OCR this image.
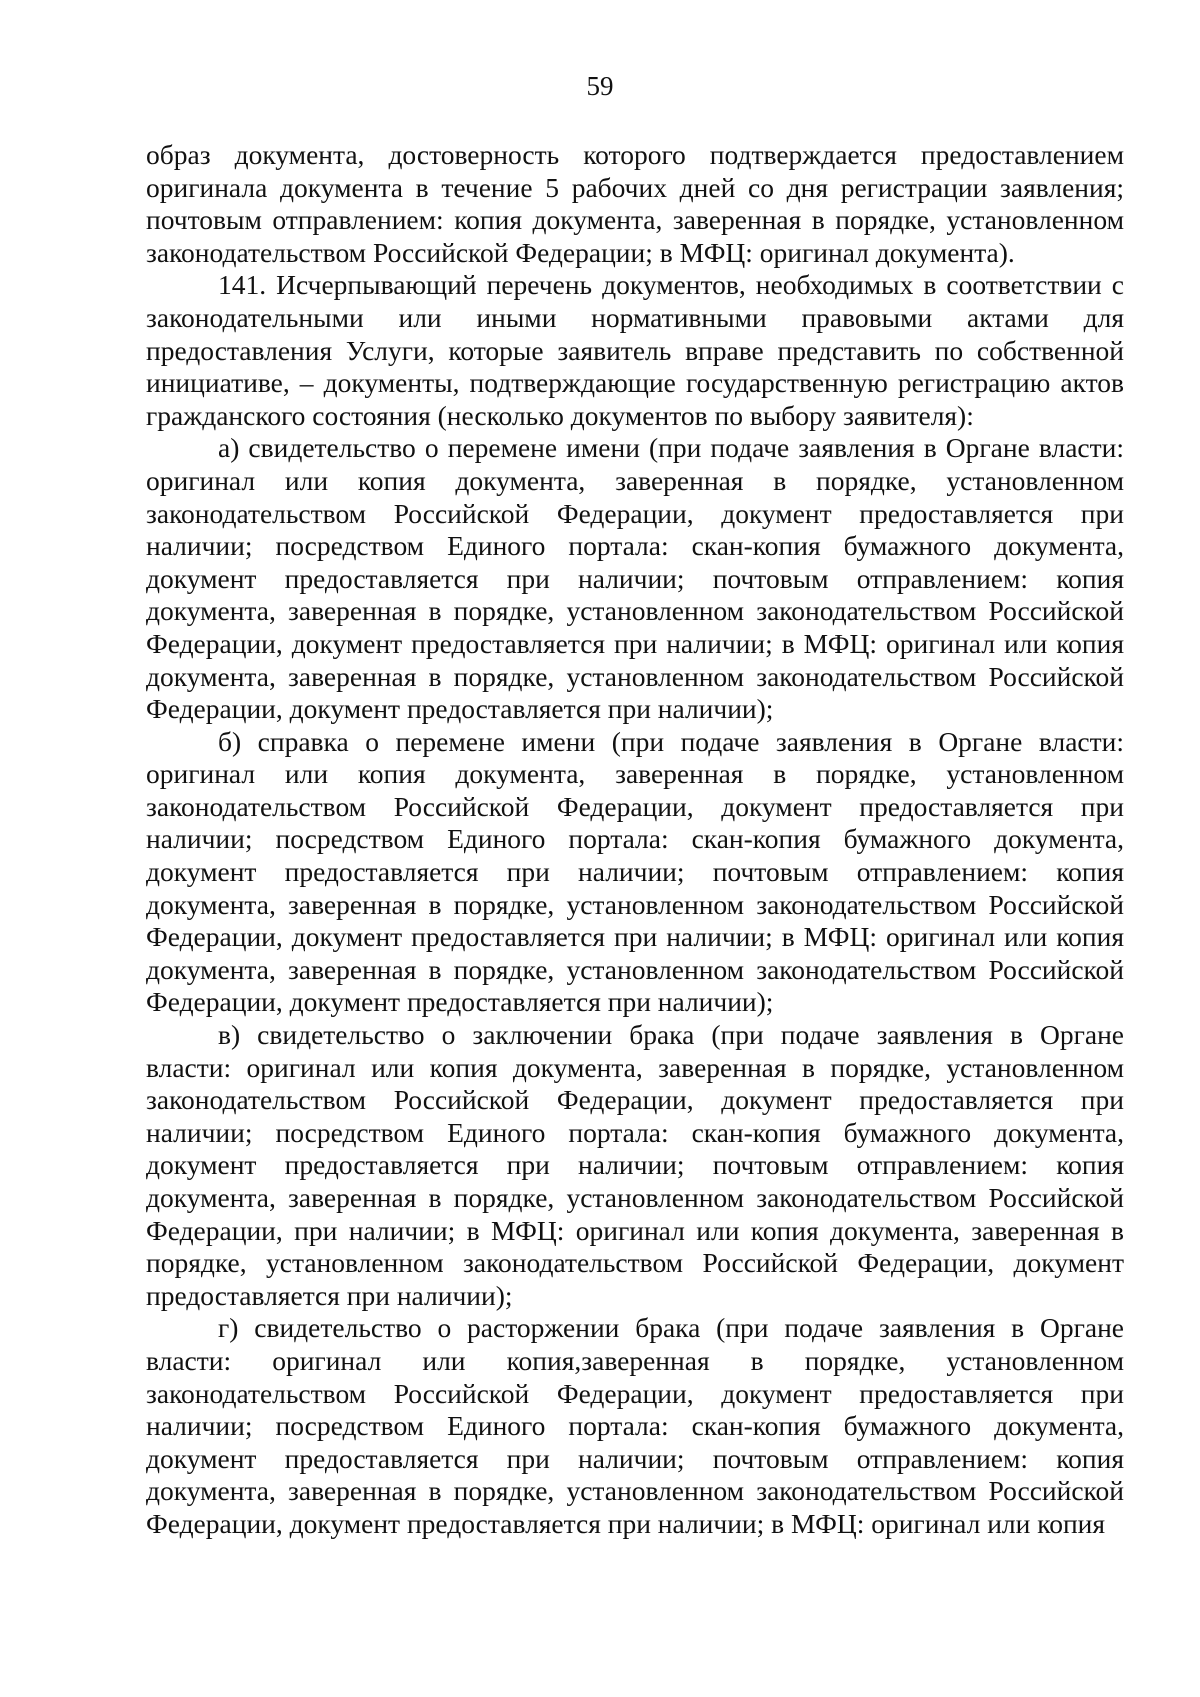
59

образ документа, достоверность которого подтверждается предоставлением оригинала документа в течение 5 рабочих дней со дня регистрации заявления; почтовым отправлением: копия документа, заверенная в порядке, установленном законодательством Российской Федерации; в МФЦ: оригинал документа).

141. Исчерпывающий перечень документов, необходимых в соответствии с законодательными или иными нормативными правовыми актами для предоставления Услуги, которые заявитель вправе представить по собственной инициативе, – документы, подтверждающие государственную регистрацию актов гражданского состояния (несколько документов по выбору заявителя):

а) свидетельство о перемене имени (при подаче заявления в Органе власти: оригинал или копия документа, заверенная в порядке, установленном законодательством Российской Федерации, документ предоставляется при наличии; посредством Единого портала: скан-копия бумажного документа, документ предоставляется при наличии; почтовым отправлением: копия документа, заверенная в порядке, установленном законодательством Российской Федерации, документ предоставляется при наличии; в МФЦ: оригинал или копия документа, заверенная в порядке, установленном законодательством Российской Федерации, документ предоставляется при наличии);

б) справка о перемене имени (при подаче заявления в Органе власти: оригинал или копия документа, заверенная в порядке, установленном законодательством Российской Федерации, документ предоставляется при наличии; посредством Единого портала: скан-копия бумажного документа, документ предоставляется при наличии; почтовым отправлением: копия документа, заверенная в порядке, установленном законодательством Российской Федерации, документ предоставляется при наличии; в МФЦ: оригинал или копия документа, заверенная в порядке, установленном законодательством Российской Федерации, документ предоставляется при наличии);

в) свидетельство о заключении брака (при подаче заявления в Органе власти: оригинал или копия документа, заверенная в порядке, установленном законодательством Российской Федерации, документ предоставляется при наличии; посредством Единого портала: скан-копия бумажного документа, документ предоставляется при наличии; почтовым отправлением: копия документа, заверенная в порядке, установленном законодательством Российской Федерации, при наличии; в МФЦ: оригинал или копия документа, заверенная в порядке, установленном законодательством Российской Федерации, документ предоставляется при наличии);

г) свидетельство о расторжении брака (при подаче заявления в Органе власти: оригинал или копия,заверенная в порядке, установленном законодательством Российской Федерации, документ предоставляется при наличии; посредством Единого портала: скан-копия бумажного документа, документ предоставляется при наличии; почтовым отправлением: копия документа, заверенная в порядке, установленном законодательством Российской Федерации, документ предоставляется при наличии; в МФЦ: оригинал или копия
